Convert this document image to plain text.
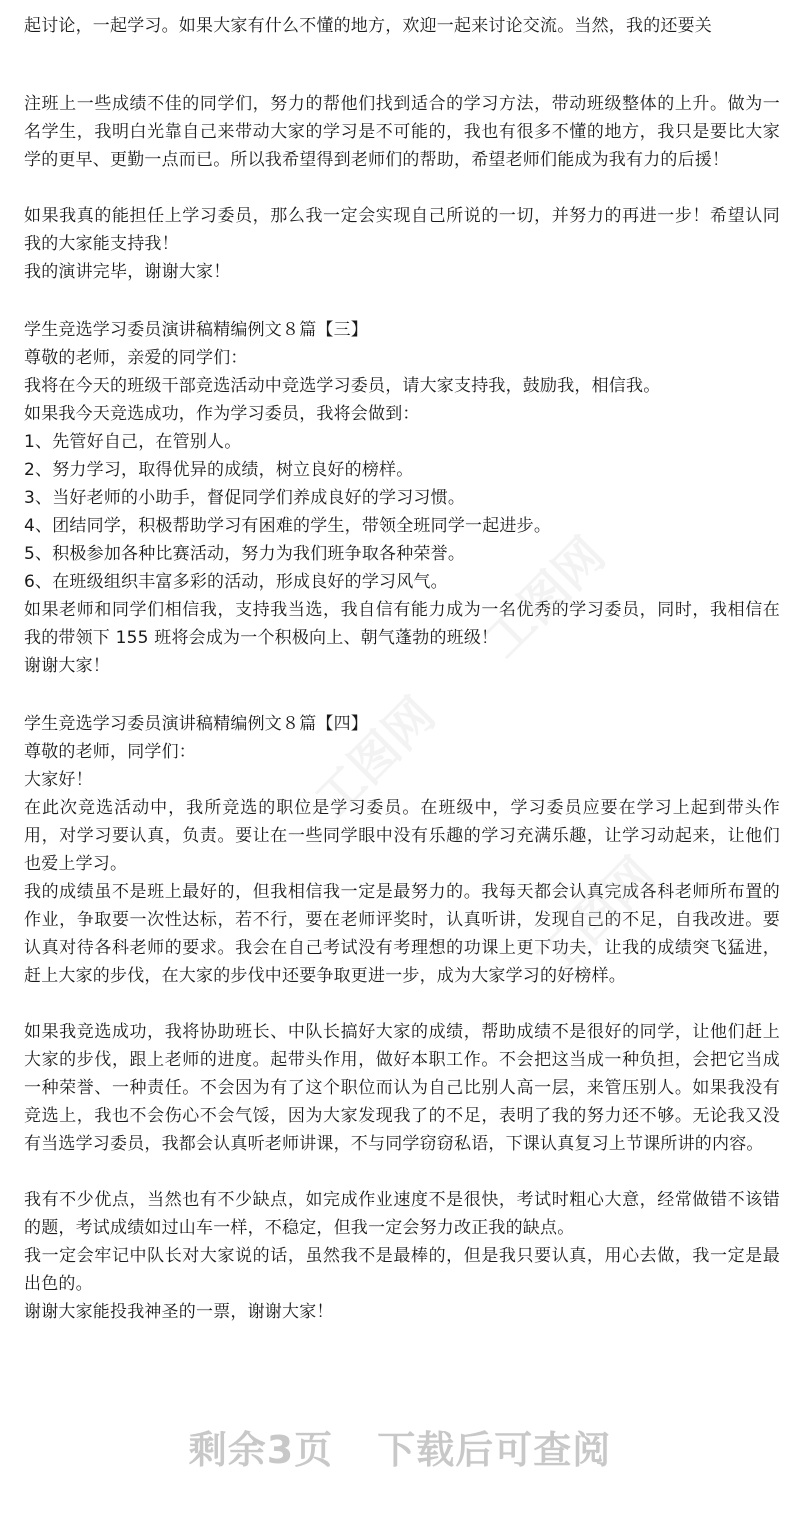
起讨论，一起学习。如果大家有什么不懂的地方，欢迎一起来讨论交流。当然，我的还要关

注班上一些成绩不佳的同学们，努力的帮他们找到适合的学习方法，带动班级整体的上升。做为一名学生，我明白光靠自己来带动大家的学习是不可能的，我也有很多不懂的地方，我只是要比大家学的更早、更勤一点而已。所以我希望得到老师们的帮助，希望老师们能成为我有力的后援！

如果我真的能担任上学习委员，那么我一定会实现自己所说的一切，并努力的再进一步！希望认同我的大家能支持我！

我的演讲完毕，谢谢大家！

学生竞选学习委员演讲稿精编例文８篇【三】

尊敬的老师，亲爱的同学们：

我将在今天的班级干部竞选活动中竞选学习委员，请大家支持我，鼓励我，相信我。

如果我今天竞选成功，作为学习委员，我将会做到：

1、先管好自己，在管别人。

2、努力学习，取得优异的成绩，树立良好的榜样。

3、当好老师的小助手，督促同学们养成良好的学习习惯。

4、团结同学，积极帮助学习有困难的学生，带领全班同学一起进步。

5、积极参加各种比赛活动，努力为我们班争取各种荣誉。

6、在班级组织丰富多彩的活动，形成良好的学习风气。

如果老师和同学们相信我，支持我当选，我自信有能力成为一名优秀的学习委员，同时，我相信在我的带领下 155 班将会成为一个积极向上、朝气蓬勃的班级！

谢谢大家！

学生竞选学习委员演讲稿精编例文８篇【四】

尊敬的老师，同学们：

大家好！

在此次竞选活动中，我所竞选的职位是学习委员。在班级中，学习委员应要在学习上起到带头作用，对学习要认真，负责。要让在一些同学眼中没有乐趣的学习充满乐趣，让学习动起来，让他们也爱上学习。

我的成绩虽不是班上最好的，但我相信我一定是最努力的。我每天都会认真完成各科老师所布置的作业，争取要一次性达标，若不行，要在老师评奖时，认真听讲，发现自己的不足，自我改进。要认真对待各科老师的要求。我会在自己考试没有考理想的功课上更下功夫，让我的成绩突飞猛进，赶上大家的步伐，在大家的步伐中还要争取更进一步，成为大家学习的好榜样。

如果我竞选成功，我将协助班长、中队长搞好大家的成绩，帮助成绩不是很好的同学，让他们赶上大家的步伐，跟上老师的进度。起带头作用，做好本职工作。不会把这当成一种负担，会把它当成一种荣誉、一种责任。不会因为有了这个职位而认为自己比别人高一层，来管压别人。如果我没有竞选上，我也不会伤心不会气馁，因为大家发现我了的不足，表明了我的努力还不够。无论我又没有当选学习委员，我都会认真听老师讲课，不与同学窃窃私语，下课认真复习上节课所讲的内容。

我有不少优点，当然也有不少缺点，如完成作业速度不是很快，考试时粗心大意，经常做错不该错的题，考试成绩如过山车一样，不稳定，但我一定会努力改正我的缺点。

我一定会牢记中队长对大家说的话，虽然我不是最棒的，但是我只要认真，用心去做，我一定是最出色的。

谢谢大家能投我神圣的一票，谢谢大家！

工图网
工图网
工图网
剩余3页 下载后可查阅
